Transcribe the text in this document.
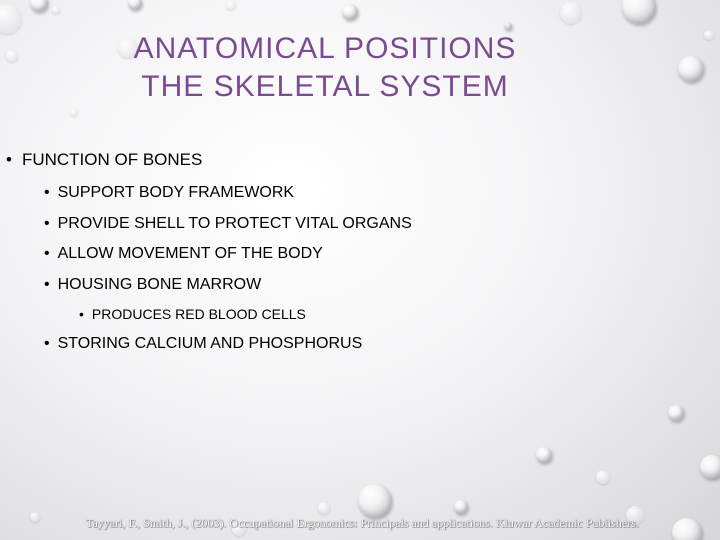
ANATOMICAL POSITIONS
THE SKELETAL SYSTEM
• FUNCTION OF BONES
• SUPPORT BODY FRAMEWORK
• PROVIDE SHELL TO PROTECT VITAL ORGANS
• ALLOW MOVEMENT OF THE BODY
• HOUSING BONE MARROW
• PRODUCES RED BLOOD CELLS
• STORING CALCIUM AND PHOSPHORUS
Tayyari, F., Smith, J., (2003). Occupational Ergonomics: Principals and applications. Kluwar Academic Publishers.
